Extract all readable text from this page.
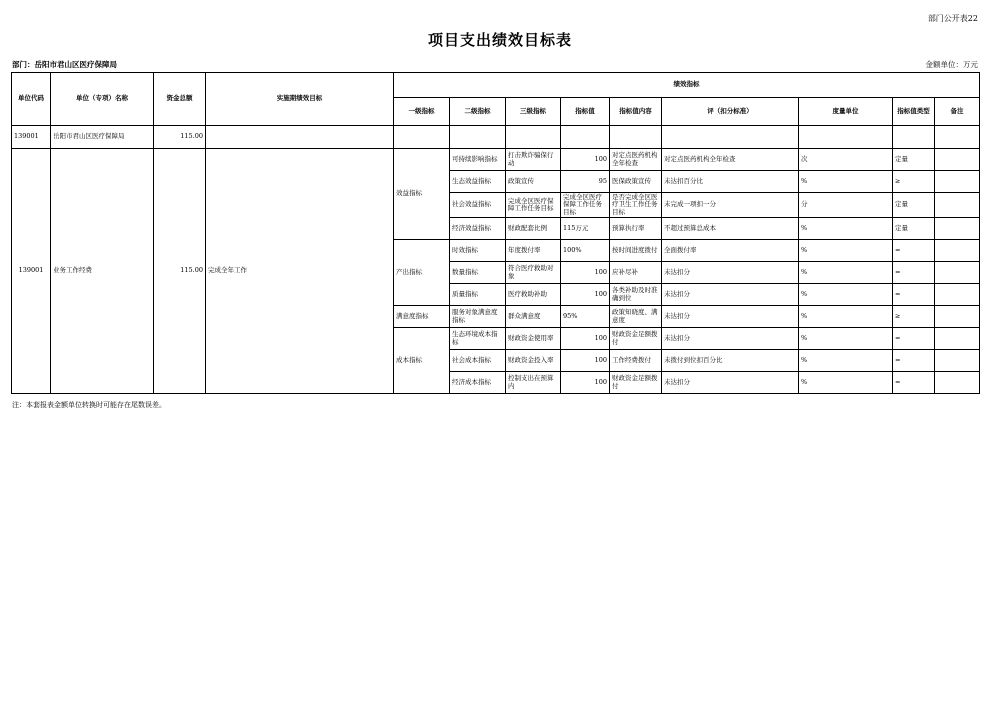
部门公开表22
项目支出绩效目标表
部门：岳阳市君山区医疗保障局	金额单位：万元
单位代码	单位（专项）名称	资金总额	实施期绩效目标	绩效指标								
				一级指标	二级指标	三级指标	指标值	指标值内容	评（扣分标准）	度量单位	指标值类型	备注
139001	岳阳市君山区医疗保障局	115.00										
139001	业务工作经费	115.00	完成全年工作	效益指标	可持续影响指标	打击欺诈骗保行动	100	对定点医药机构全年检查	对定点医药机构全年检查	次	定量	
					生态效益指标	政策宣传	95	医保政策宣传	未达扣百分比	%	≥	
					社会效益指标	完成全区医疗保障工作任务目标	完成全区医疗保障工作任务目标	是否完成全区医疗卫生工作任务目标	未完成一项扣一分	分	定量	
					经济效益指标	财政配套比例	115万元	预算执行率	不超过预算总成本	%	定量	
				产出指标	时效指标	年度拨付率	100%	按时间进度拨付	全面拨付率	%	=	
					数量指标	符合医疗救助对象	100	应补尽补	未达扣分	%	=	
					质量指标	医疗救助补助	100	各类补助及时准确到位	未达扣分	%	=	
				满意度指标	服务对象满意度指标	群众满意度	95%	政策知晓度、满意度	未达扣分	%	≥	
				成本指标	生态环境成本指标	财政资金使用率	100	财政资金足额拨付	未达扣分	%	=	
					社会成本指标	财政资金投入率	100	工作经费拨付	未拨付到位扣百分比	%	=	
					经济成本指标	控制支出在预算内	100	财政资金足额拨付	未达扣分	%	=	
注：本套报表金额单位转换时可能存在尾数误差。
